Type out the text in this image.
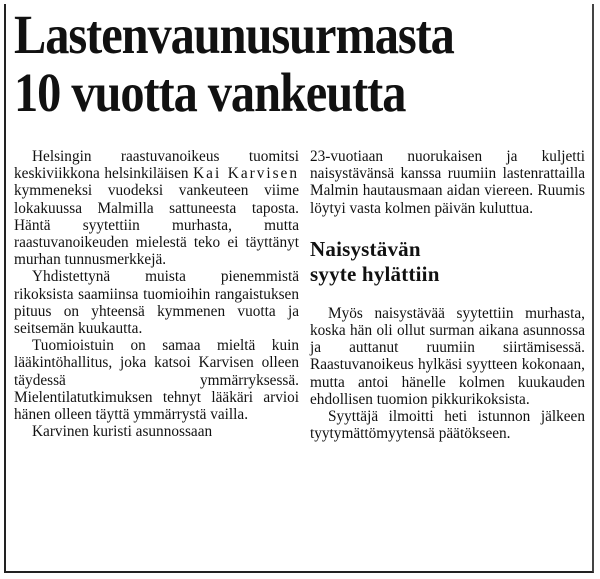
Lastenvaunusurmasta
10 vuotta vankeutta

Helsingin raastuvanoikeus tuomitsi keskiviikkona helsinkiläisen Kai Karvisen kymmeneksi vuodeksi vankeuteen viime lokakuussa Malmilla sattuneesta taposta. Häntä syytettiin murhasta, mutta raastuvanoikeuden mielestä teko ei täyttänyt murhan tunnusmerkkejä.

Yhdistettynä muista pienemmistä rikoksista saamiinsa tuomioihin rangaistuksen pituus on yhteensä kymmenen vuotta ja seitsemän kuukautta.

Tuomioistuin on samaa mieltä kuin lääkintöhallitus, joka katsoi Karvisen olleen täydessä ymmärryksessä. Mielentilatutkimuksen tehnyt lääkäri arvioi hänen olleen täyttä ymmärrystä vailla.

Karvinen kuristi asunnossaan

23-vuotiaan nuorukaisen ja kuljetti naisystävänsä kanssa ruumiin lastenrattailla Malmin hautausmaan aidan viereen. Ruumis löytyi vasta kolmen päivän kuluttua.

Naisystävän
syyte hylättiin

Myös naisystävää syytettiin murhasta, koska hän oli ollut surman aikana asunnossa ja auttanut ruumiin siirtämisessä. Raastuvanoikeus hylkäsi syytteen kokonaan, mutta antoi hänelle kolmen kuukauden ehdollisen tuomion pikkurikoksista.

Syyttäjä ilmoitti heti istunnon jälkeen tyytymättömyytensä päätökseen.
